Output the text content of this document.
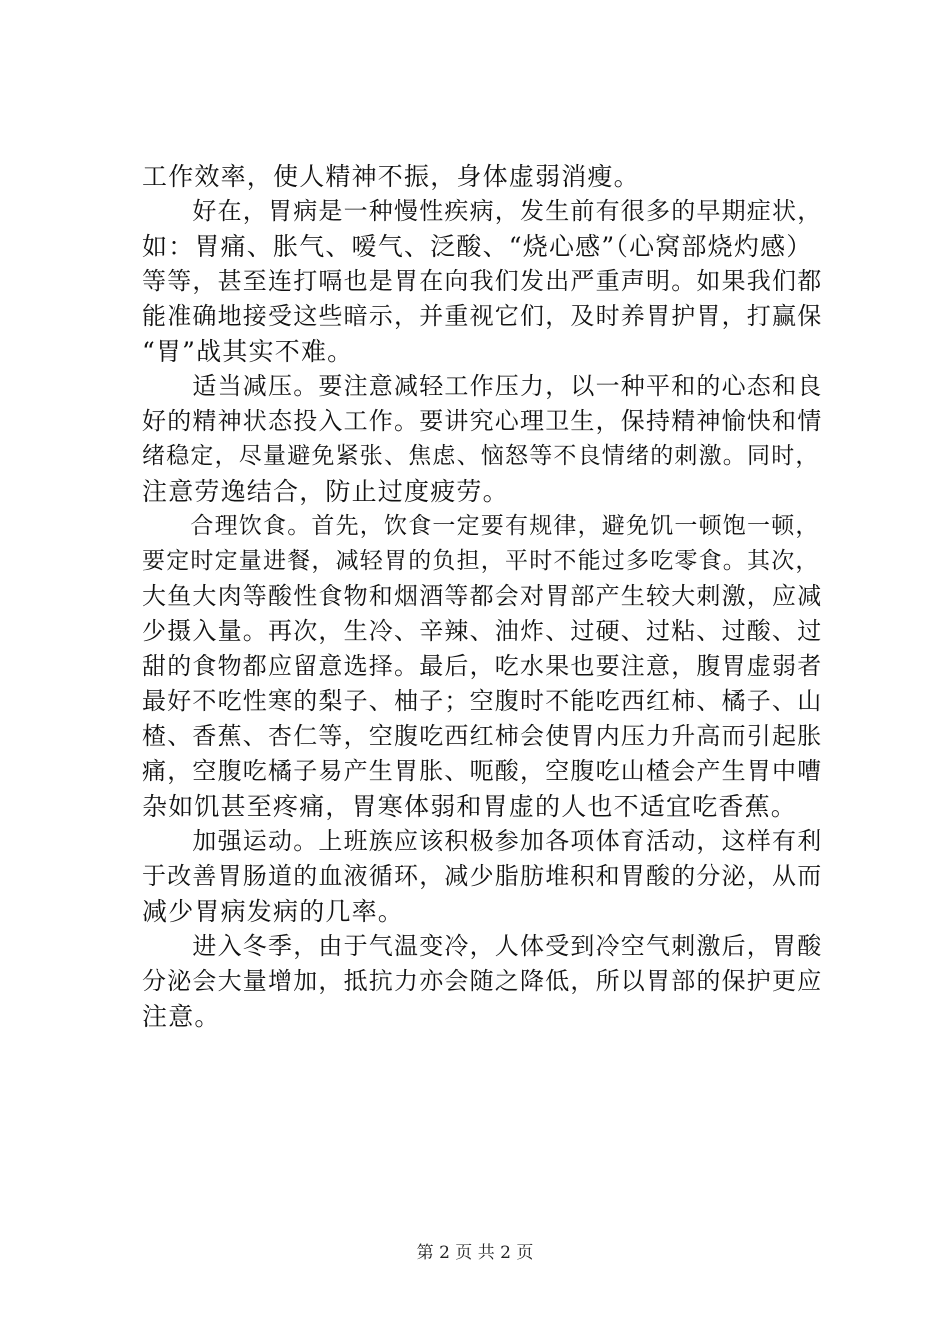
工作效率，使人精神不振，身体虚弱消瘦。
　　好在，胃病是一种慢性疾病，发生前有很多的早期症状，
如：胃痛、胀气、嗳气、泛酸、“烧心感”（心窝部烧灼感）
等等，甚至连打嗝也是胃在向我们发出严重声明。如果我们都
能准确地接受这些暗示，并重视它们，及时养胃护胃，打赢保
“胃”战其实不难。
　　适当减压。要注意减轻工作压力，以一种平和的心态和良
好的精神状态投入工作。要讲究心理卫生，保持精神愉快和情
绪稳定，尽量避免紧张、焦虑、恼怒等不良情绪的刺激。同时，
注意劳逸结合，防止过度疲劳。
　　合理饮食。首先，饮食一定要有规律，避免饥一顿饱一顿，
要定时定量进餐，减轻胃的负担，平时不能过多吃零食。其次，
大鱼大肉等酸性食物和烟酒等都会对胃部产生较大刺激，应减
少摄入量。再次，生冷、辛辣、油炸、过硬、过粘、过酸、过
甜的食物都应留意选择。最后，吃水果也要注意，腹胃虚弱者
最好不吃性寒的梨子、柚子；空腹时不能吃西红柿、橘子、山
楂、香蕉、杏仁等，空腹吃西红柿会使胃内压力升高而引起胀
痛，空腹吃橘子易产生胃胀、呃酸，空腹吃山楂会产生胃中嘈
杂如饥甚至疼痛，胃寒体弱和胃虚的人也不适宜吃香蕉。
　　加强运动。上班族应该积极参加各项体育活动，这样有利
于改善胃肠道的血液循环，减少脂肪堆积和胃酸的分泌，从而
减少胃病发病的几率。
　　进入冬季，由于气温变冷，人体受到冷空气刺激后，胃酸
分泌会大量增加，抵抗力亦会随之降低，所以胃部的保护更应
注意。
第 2 页 共 2 页
